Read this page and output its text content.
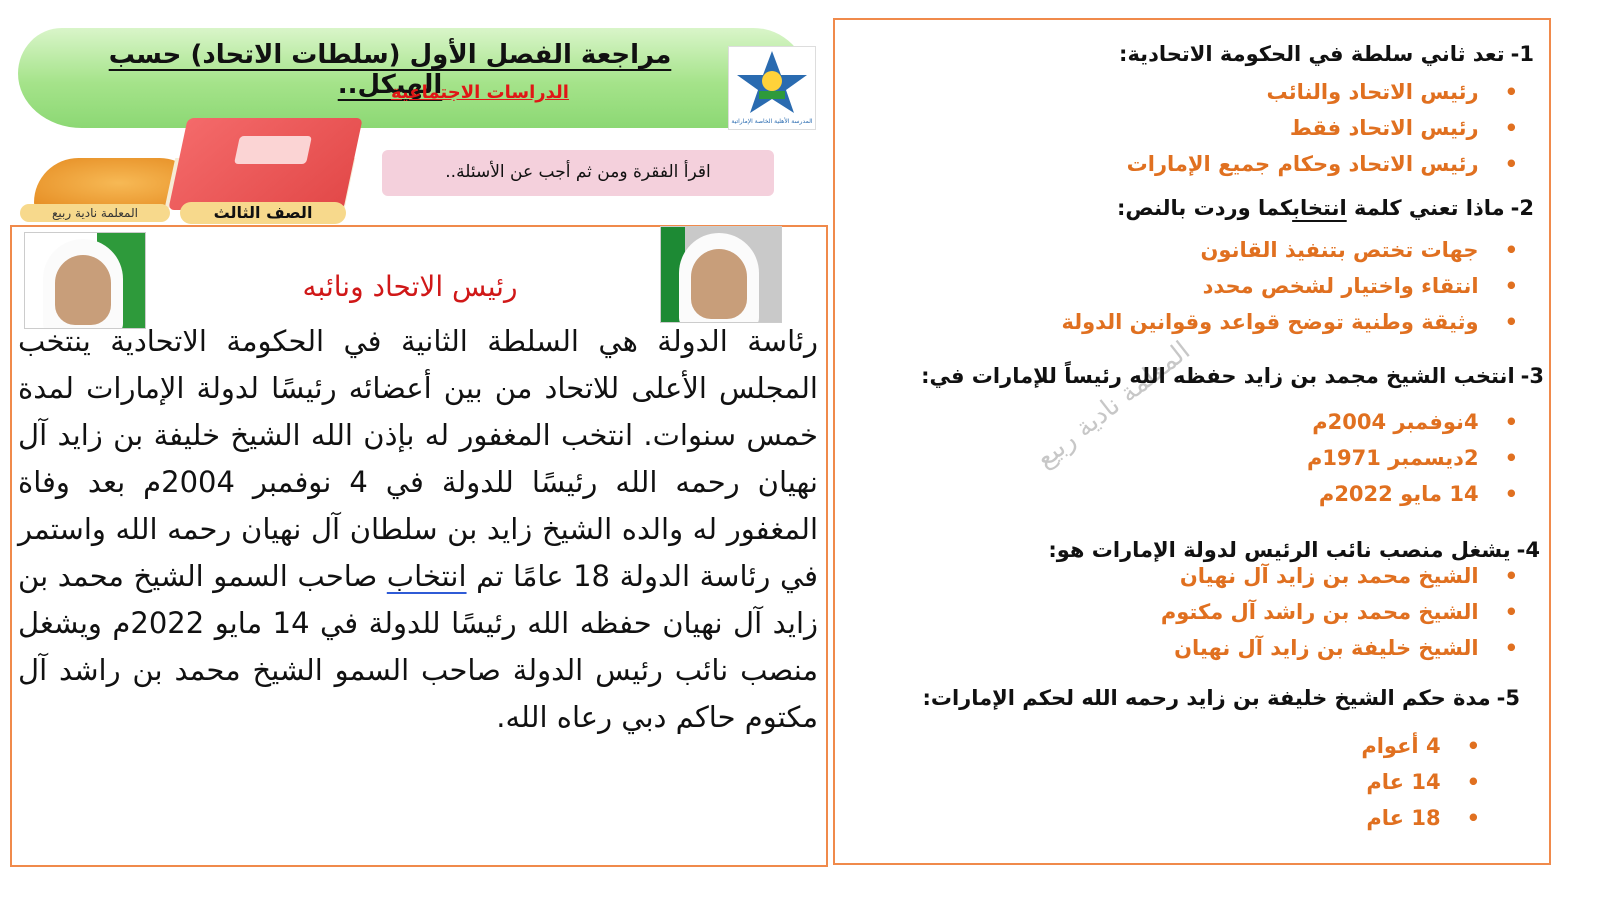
مراجعة الفصل الأول (سلطات الاتحاد) حسب الهيكل..
الدراسات الاجتماعية
المدرسة الأهلية الخاصة الإماراتية
المعلمة نادية ربيع	الصف الثالث
اقرأ الفقرة ومن ثم أجب عن الأسئلة..
رئيس الاتحاد ونائبه
رئاسة الدولة هي السلطة الثانية في الحكومة الاتحادية ينتخب المجلس الأعلى للاتحاد من بين أعضائه رئيسًا لدولة الإمارات لمدة خمس سنوات. انتخب المغفور له بإذن الله الشيخ خليفة بن زايد آل نهيان رحمه الله رئيسًا للدولة في 4 نوفمبر 2004م بعد وفاة المغفور له والده الشيخ زايد بن سلطان آل نهيان رحمه الله واستمر في رئاسة الدولة 18 عامًا تم انتخاب صاحب السمو الشيخ محمد بن زايد آل نهيان حفظه الله رئيسًا للدولة في 14 مايو 2022م ويشغل منصب نائب رئيس الدولة صاحب السمو الشيخ محمد بن راشد آل مكتوم حاكم دبي رعاه الله.
المعلمة نادية ربيع
1-تعد ثاني سلطة في الحكومة الاتحادية:
• رئيس الاتحاد والنائب
• رئيس الاتحاد فقط
• رئيس الاتحاد وحكام جميع الإمارات
2-ماذا تعني كلمة انتخابكما وردت بالنص:
• جهات تختص بتنفيذ القانون
• انتقاء واختيار لشخص محدد
• وثيقة وطنية توضح قواعد وقوانين الدولة
3-انتخب الشيخ مجمد بن زايد حفظه الله رئيساً للإمارات في:
• 4نوفمبر 2004م
• 2ديسمبر 1971م
• 14 مايو 2022م
4-يشغل منصب نائب الرئيس لدولة الإمارات هو:
• الشيخ محمد بن زايد آل نهيان
• الشيخ محمد بن راشد آل مكتوم
• الشيخ خليفة بن زايد آل نهيان
5-مدة حكم الشيخ خليفة بن زايد رحمه الله لحكم الإمارات:
• 4 أعوام
• 14 عام
• 18 عام
